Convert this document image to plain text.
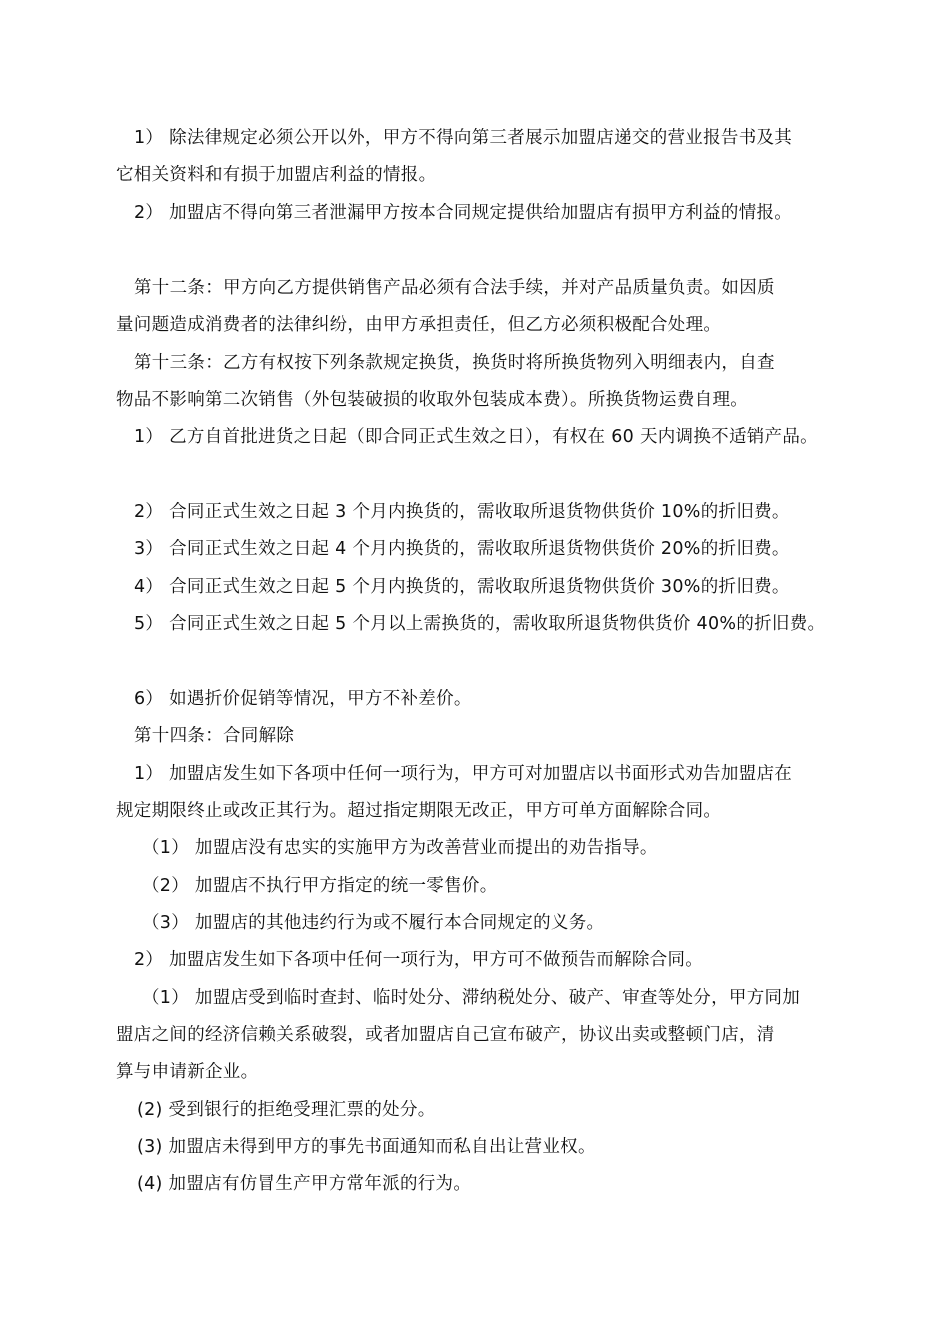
1） 除法律规定必须公开以外，甲方不得向第三者展示加盟店递交的营业报告书及其
它相关资料和有损于加盟店利益的情报。
2） 加盟店不得向第三者泄漏甲方按本合同规定提供给加盟店有损甲方利益的情报。
第十二条：甲方向乙方提供销售产品必须有合法手续，并对产品质量负责。如因质
量问题造成消费者的法律纠纷，由甲方承担责任，但乙方必须积极配合处理。
第十三条：乙方有权按下列条款规定换货，换货时将所换货物列入明细表内，自查
物品不影响第二次销售（外包装破损的收取外包装成本费）。所换货物运费自理。
1） 乙方自首批进货之日起（即合同正式生效之日），有权在 60 天内调换不适销产品。
2） 合同正式生效之日起 3 个月内换货的，需收取所退货物供货价 10%的折旧费。
3） 合同正式生效之日起 4 个月内换货的，需收取所退货物供货价 20%的折旧费。
4） 合同正式生效之日起 5 个月内换货的，需收取所退货物供货价 30%的折旧费。
5） 合同正式生效之日起 5 个月以上需换货的，需收取所退货物供货价 40%的折旧费。
6） 如遇折价促销等情况，甲方不补差价。
第十四条：合同解除
1） 加盟店发生如下各项中任何一项行为，甲方可对加盟店以书面形式劝告加盟店在
规定期限终止或改正其行为。超过指定期限无改正，甲方可单方面解除合同。
（1） 加盟店没有忠实的实施甲方为改善营业而提出的劝告指导。
（2） 加盟店不执行甲方指定的统一零售价。
（3） 加盟店的其他违约行为或不履行本合同规定的义务。
2） 加盟店发生如下各项中任何一项行为，甲方可不做预告而解除合同。
（1） 加盟店受到临时查封、临时处分、滞纳税处分、破产、审查等处分，甲方同加
盟店之间的经济信赖关系破裂，或者加盟店自己宣布破产，协议出卖或整顿门店，清
算与申请新企业。
(2) 受到银行的拒绝受理汇票的处分。
(3) 加盟店未得到甲方的事先书面通知而私自出让营业权。
(4) 加盟店有仿冒生产甲方常年派的行为。
